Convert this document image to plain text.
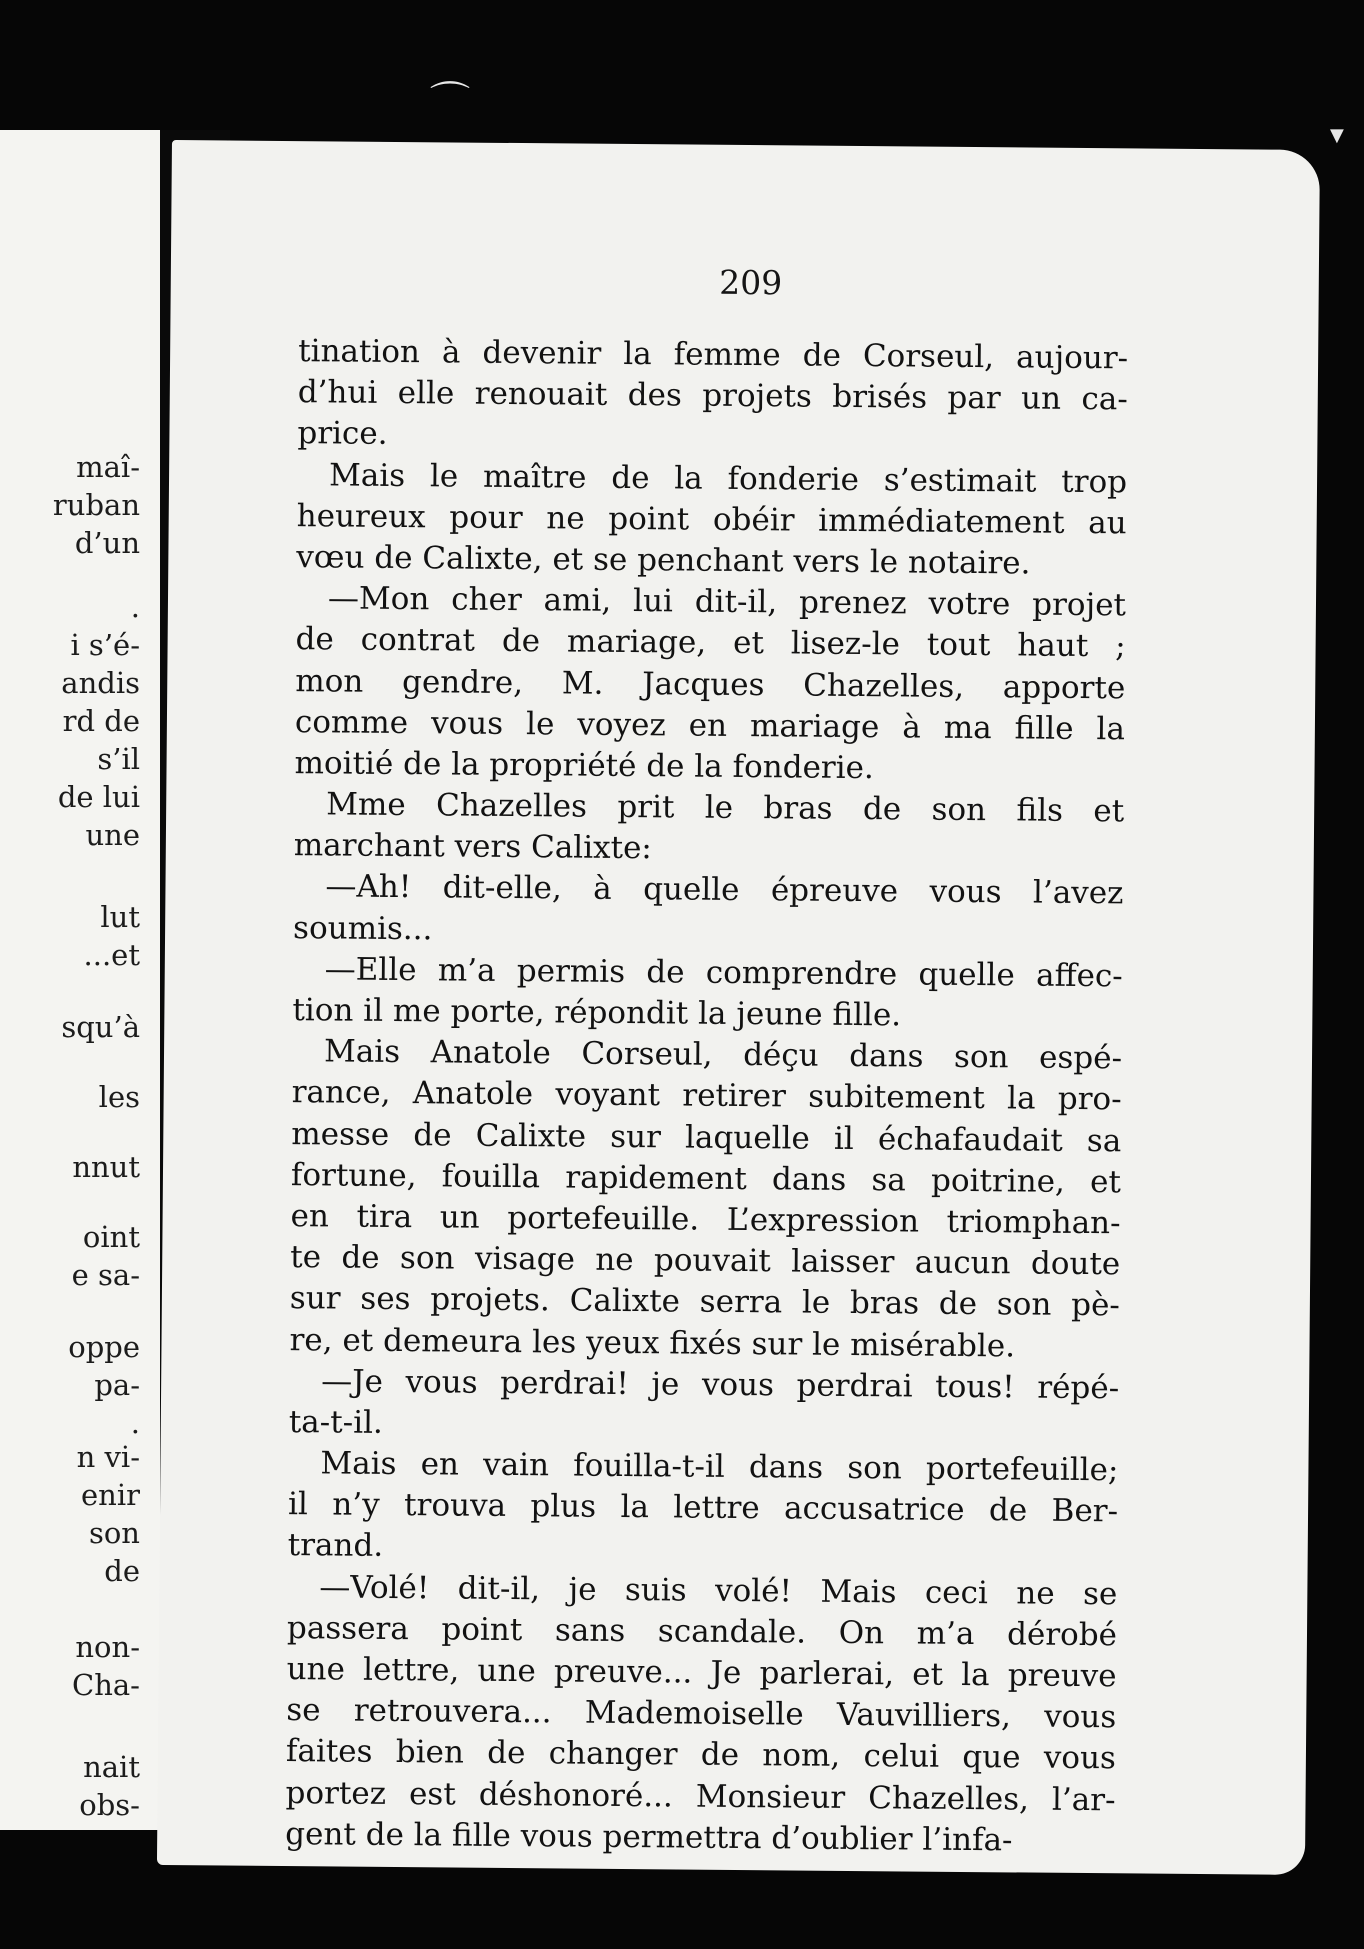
maî-
ruban
d’un
.
i s’é-
andis
rd de
s’il
de lui
une
lut
...et
squ’à
les
nnut
oint
e sa-
oppe
pa-
.
n vi-
enir
son
de
non-
Cha-
nait
obs-
⌒
▼
209
tination à devenir la femme de Corseul, aujour-
d’hui elle renouait des projets brisés par un ca-
price.
Mais le maître de la fonderie s’estimait trop
heureux pour ne point obéir immédiatement au
vœu de Calixte, et se penchant vers le notaire.
—Mon cher ami, lui dit-il, prenez votre projet
de contrat de mariage, et lisez-le tout haut ;
mon gendre, M. Jacques Chazelles, apporte
comme vous le voyez en mariage à ma fille la
moitié de la propriété de la fonderie.
Mme Chazelles prit le bras de son fils et
marchant vers Calixte:
—Ah! dit-elle, à quelle épreuve vous l’avez
soumis...
—Elle m’a permis de comprendre quelle affec-
tion il me porte, répondit la jeune fille.
Mais Anatole Corseul, déçu dans son espé-
rance, Anatole voyant retirer subitement la pro-
messe de Calixte sur laquelle il échafaudait sa
fortune, fouilla rapidement dans sa poitrine, et
en tira un portefeuille. L’expression triomphan-
te de son visage ne pouvait laisser aucun doute
sur ses projets. Calixte serra le bras de son pè-
re, et demeura les yeux fixés sur le misérable.
—Je vous perdrai! je vous perdrai tous! répé-
ta-t-il.
Mais en vain fouilla-t-il dans son portefeuille;
il n’y trouva plus la lettre accusatrice de Ber-
trand.
—Volé! dit-il, je suis volé! Mais ceci ne se
passera point sans scandale. On m’a dérobé
une lettre, une preuve... Je parlerai, et la preuve
se retrouvera... Mademoiselle Vauvilliers, vous
faites bien de changer de nom, celui que vous
portez est déshonoré... Monsieur Chazelles, l’ar-
gent de la fille vous permettra d’oublier l’infa-
